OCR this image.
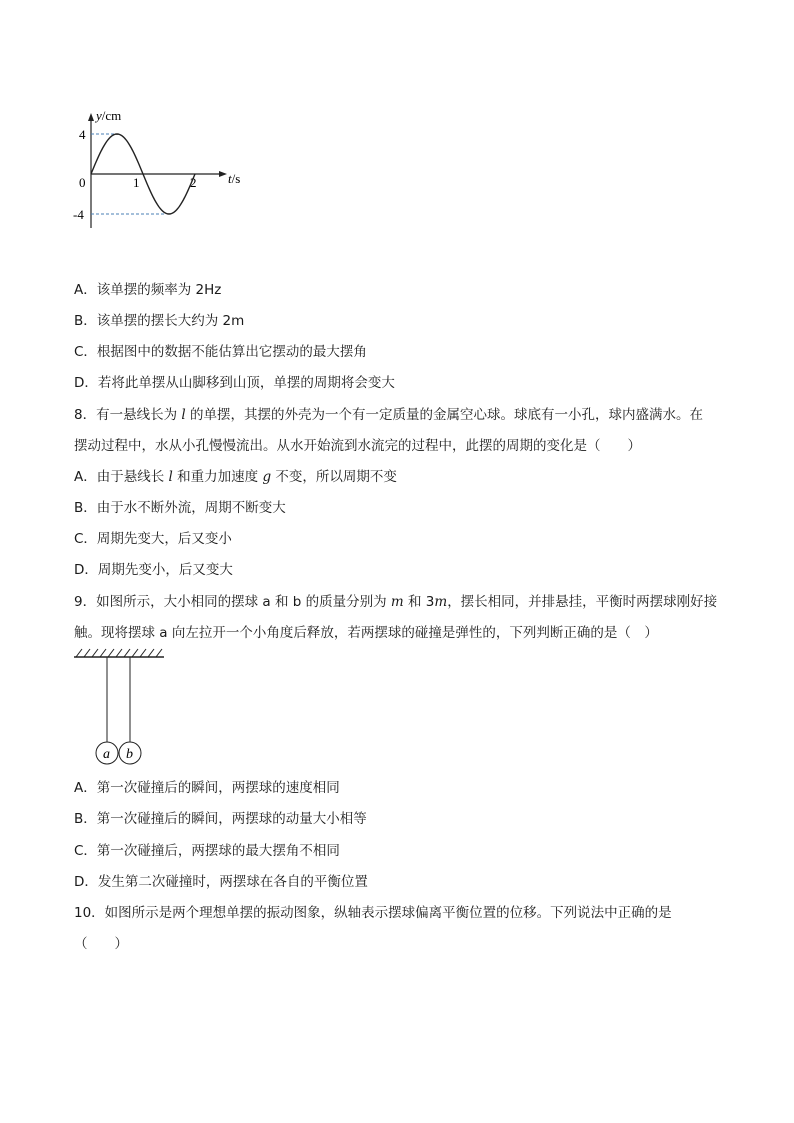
y/cm
4
0
-4
1	2 t/s
A．该单摆的频率为 2Hz
B．该单摆的摆长大约为 2m
C．根据图中的数据不能估算出它摆动的最大摆角
D．若将此单摆从山脚移到山顶，单摆的周期将会变大
8．有一悬线长为 l 的单摆，其摆的外壳为一个有一定质量的金属空心球。球底有一小孔，球内盛满水。在
摆动过程中，水从小孔慢慢流出。从水开始流到水流完的过程中，此摆的周期的变化是（　　）
A．由于悬线长 l 和重力加速度 g 不变，所以周期不变
B．由于水不断外流，周期不断变大
C．周期先变大，后又变小
D．周期先变小，后又变大
9．如图所示，大小相同的摆球 a 和 b 的质量分别为 m 和 3m，摆长相同，并排悬挂，平衡时两摆球刚好接
触。现将摆球 a 向左拉开一个小角度后释放，若两摆球的碰撞是弹性的，下列判断正确的是（　）
a b
A．第一次碰撞后的瞬间，两摆球的速度相同
B．第一次碰撞后的瞬间，两摆球的动量大小相等
C．第一次碰撞后，两摆球的最大摆角不相同
D．发生第二次碰撞时，两摆球在各自的平衡位置
10．如图所示是两个理想单摆的振动图象，纵轴表示摆球偏离平衡位置的位移。下列说法中正确的是
（　　）
